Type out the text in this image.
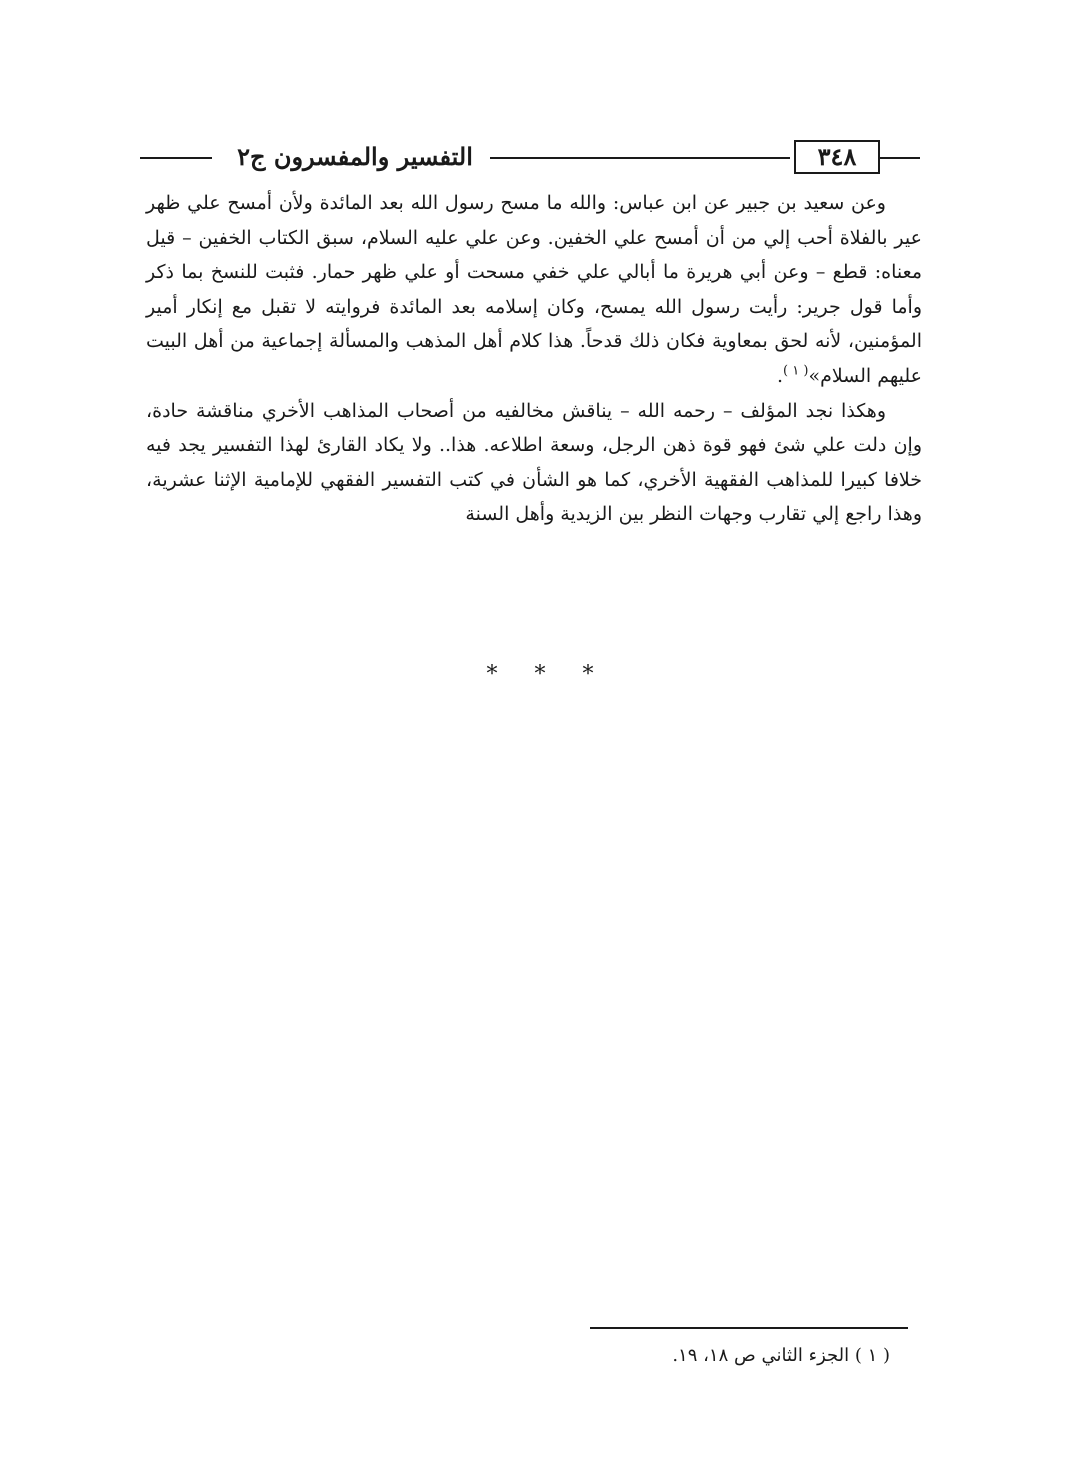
٣٤٨
التفسير والمفسرون ج٢

وعن سعيد بن جبير عن ابن عباس: والله ما مسح رسول الله بعد المائدة ولأن أمسح علي ظهر عير بالفلاة أحب إلي من أن أمسح علي الخفين. وعن علي عليه السلام، سبق الكتاب الخفين – قيل معناه: قطع – وعن أبي هريرة ما أبالي علي خفي مسحت أو علي ظهر حمار. فثبت للنسخ بما ذكر وأما قول جرير: رأيت رسول الله يمسح، وكان إسلامه بعد المائدة فروايته لا تقبل مع إنكار أمير المؤمنين، لأنه لحق بمعاوية فكان ذلك قدحاً. هذا كلام أهل المذهب والمسألة إجماعية من أهل البيت عليهم السلام»$^{( ١ )}$.

وهكذا نجد المؤلف – رحمه الله – يناقش مخالفيه من أصحاب المذاهب الأخري مناقشة حادة، وإن دلت علي شئ فهو قوة ذهن الرجل، وسعة اطلاعه. هذا.. ولا يكاد القارئ لهذا التفسير يجد فيه خلافا كبيرا للمذاهب الفقهية الأخري، كما هو الشأن في كتب التفسير الفقهي للإمامية الإثنا عشرية، وهذا راجع إلي تقارب وجهات النظر بين الزيدية وأهل السنة

* * *
( ١ ) الجزء الثاني ص ١٨، ١٩.
